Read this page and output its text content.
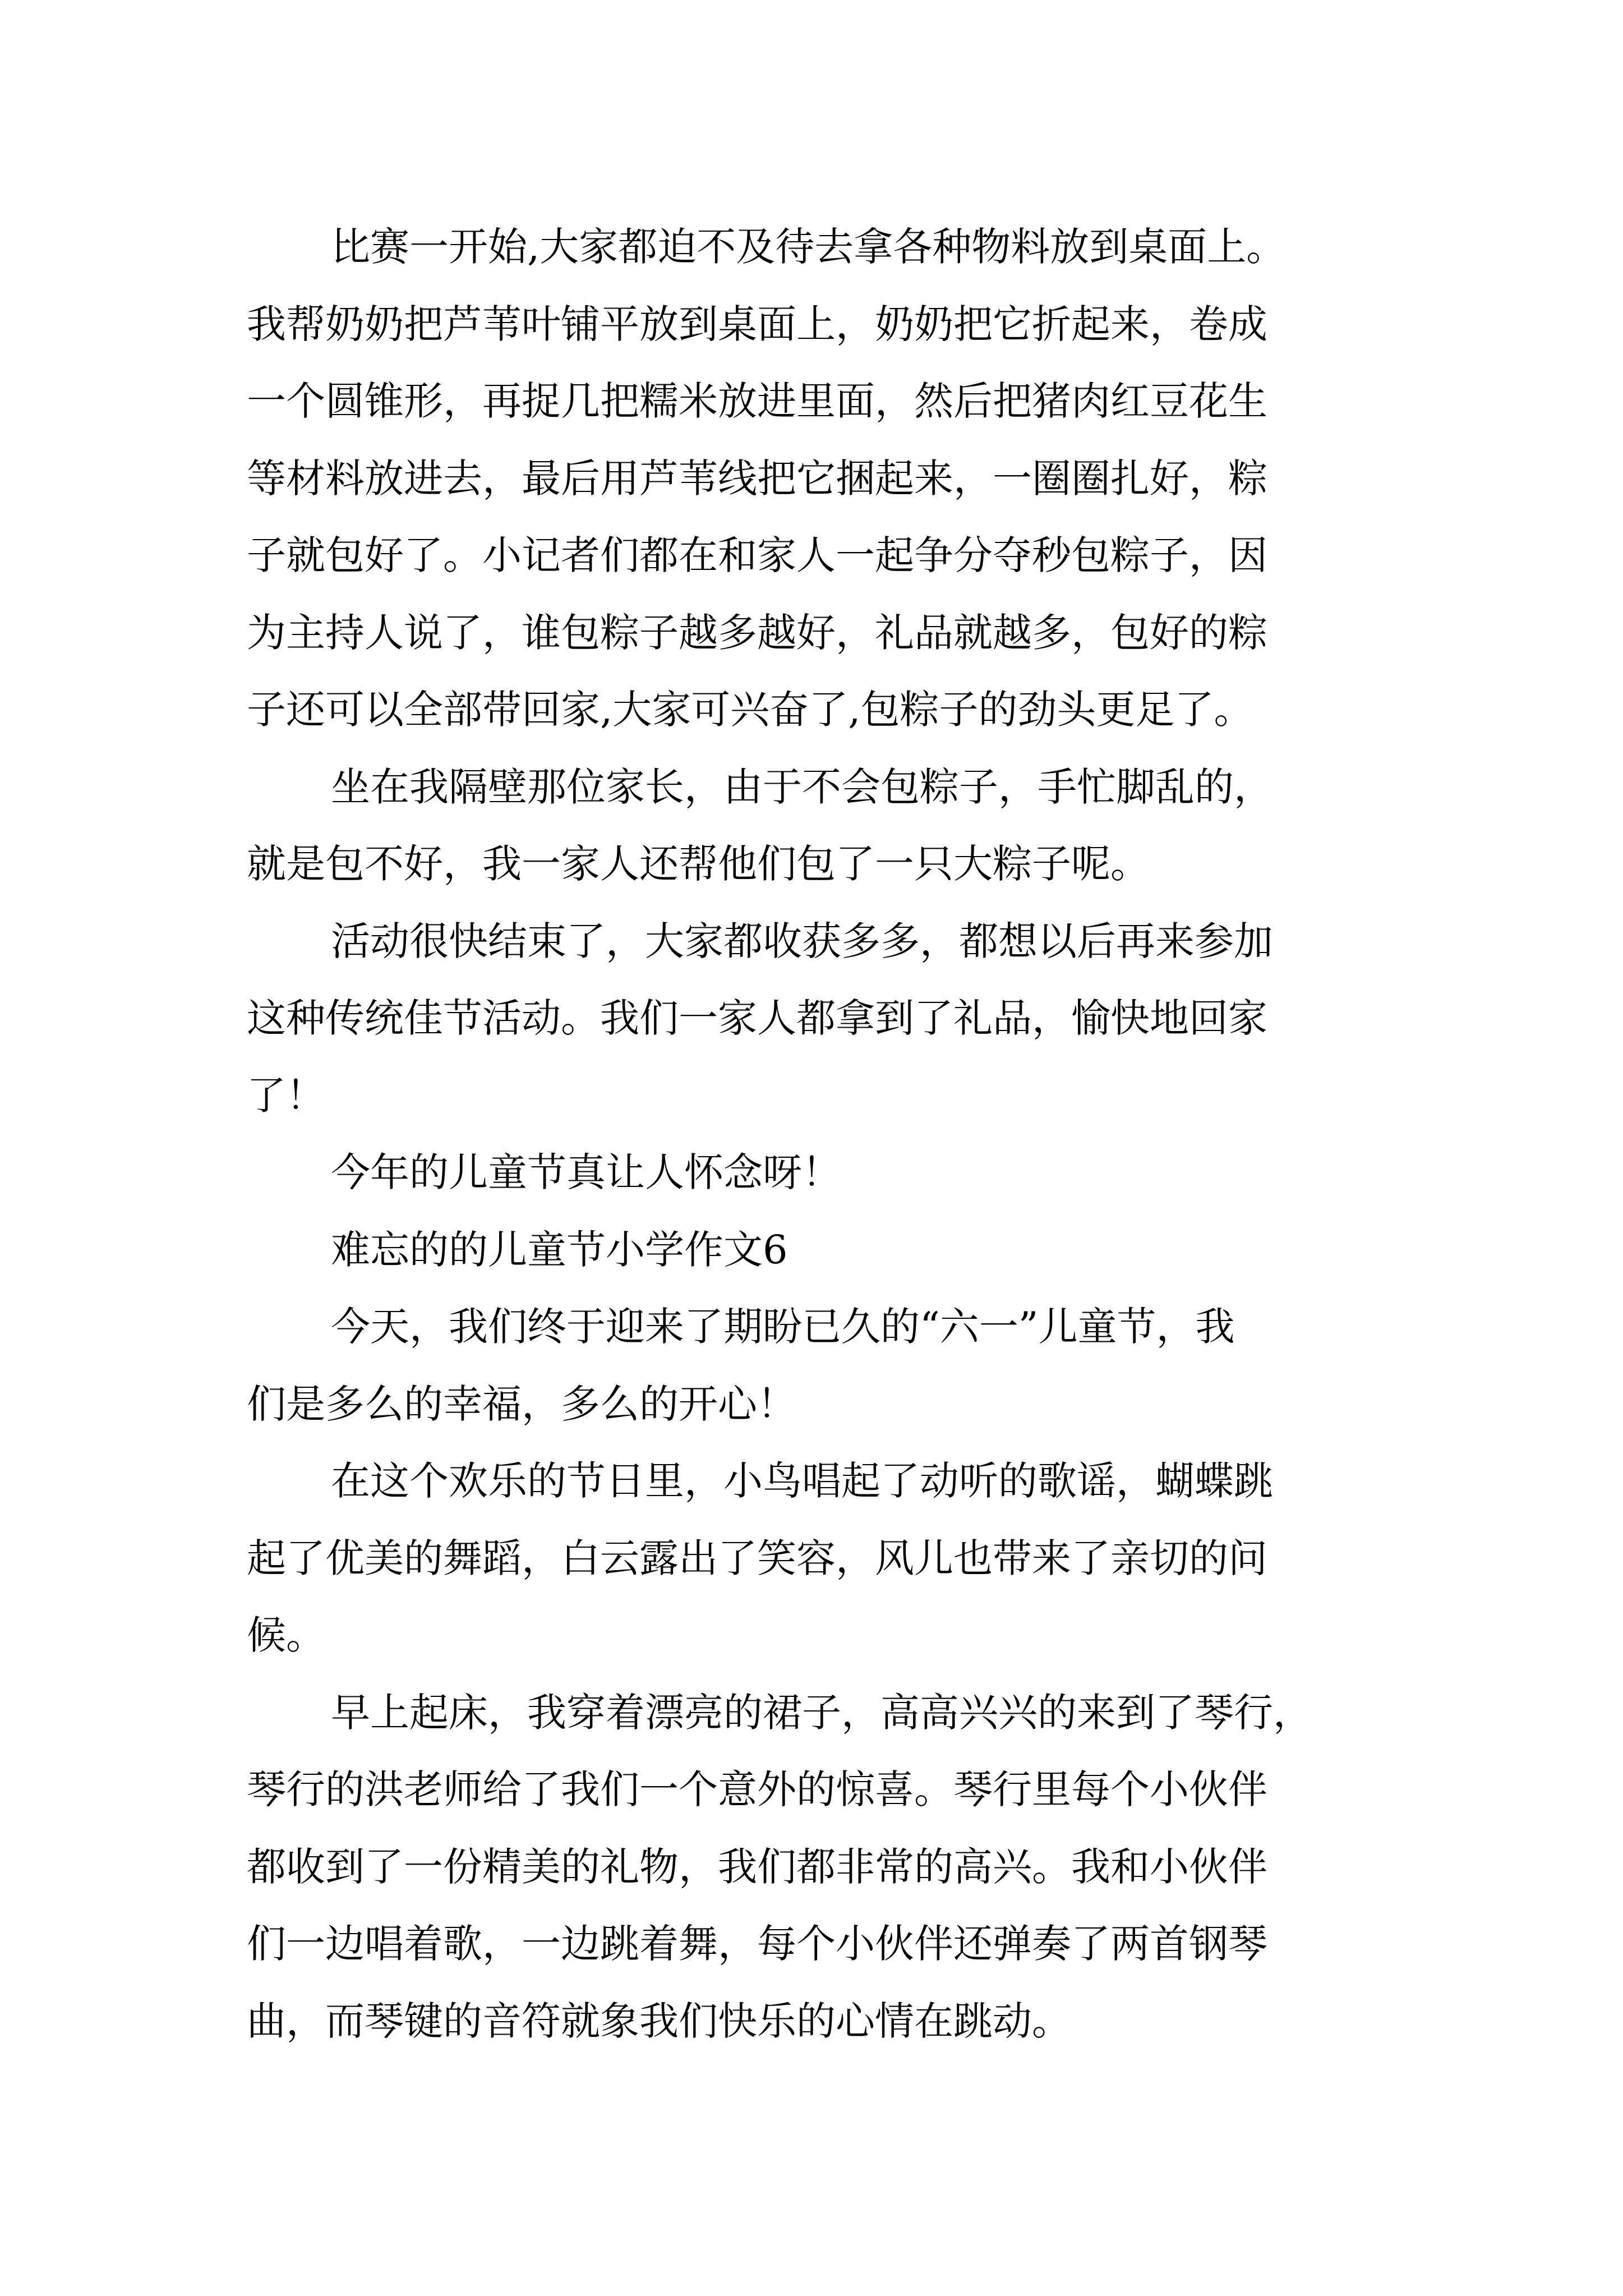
比赛一开始,大家都迫不及待去拿各种物料放到桌面上。
我帮奶奶把芦苇叶铺平放到桌面上，奶奶把它折起来，卷成
一个圆锥形，再捉几把糯米放进里面，然后把猪肉红豆花生
等材料放进去，最后用芦苇线把它捆起来，一圈圈扎好，粽
子就包好了。小记者们都在和家人一起争分夺秒包粽子，因
为主持人说了，谁包粽子越多越好，礼品就越多，包好的粽
子还可以全部带回家,大家可兴奋了,包粽子的劲头更足了。
坐在我隔壁那位家长，由于不会包粽子，手忙脚乱的，
就是包不好，我一家人还帮他们包了一只大粽子呢。
活动很快结束了，大家都收获多多，都想以后再来参加
这种传统佳节活动。我们一家人都拿到了礼品，愉快地回家
了！
今年的儿童节真让人怀念呀！
难忘的的儿童节小学作文6
今天，我们终于迎来了期盼已久的“六一”儿童节，我
们是多么的幸福，多么的开心！
在这个欢乐的节日里，小鸟唱起了动听的歌谣，蝴蝶跳
起了优美的舞蹈，白云露出了笑容，风儿也带来了亲切的问
候。
早上起床，我穿着漂亮的裙子，高高兴兴的来到了琴行，
琴行的洪老师给了我们一个意外的惊喜。琴行里每个小伙伴
都收到了一份精美的礼物，我们都非常的高兴。我和小伙伴
们一边唱着歌，一边跳着舞，每个小伙伴还弹奏了两首钢琴
曲，而琴键的音符就象我们快乐的心情在跳动。
